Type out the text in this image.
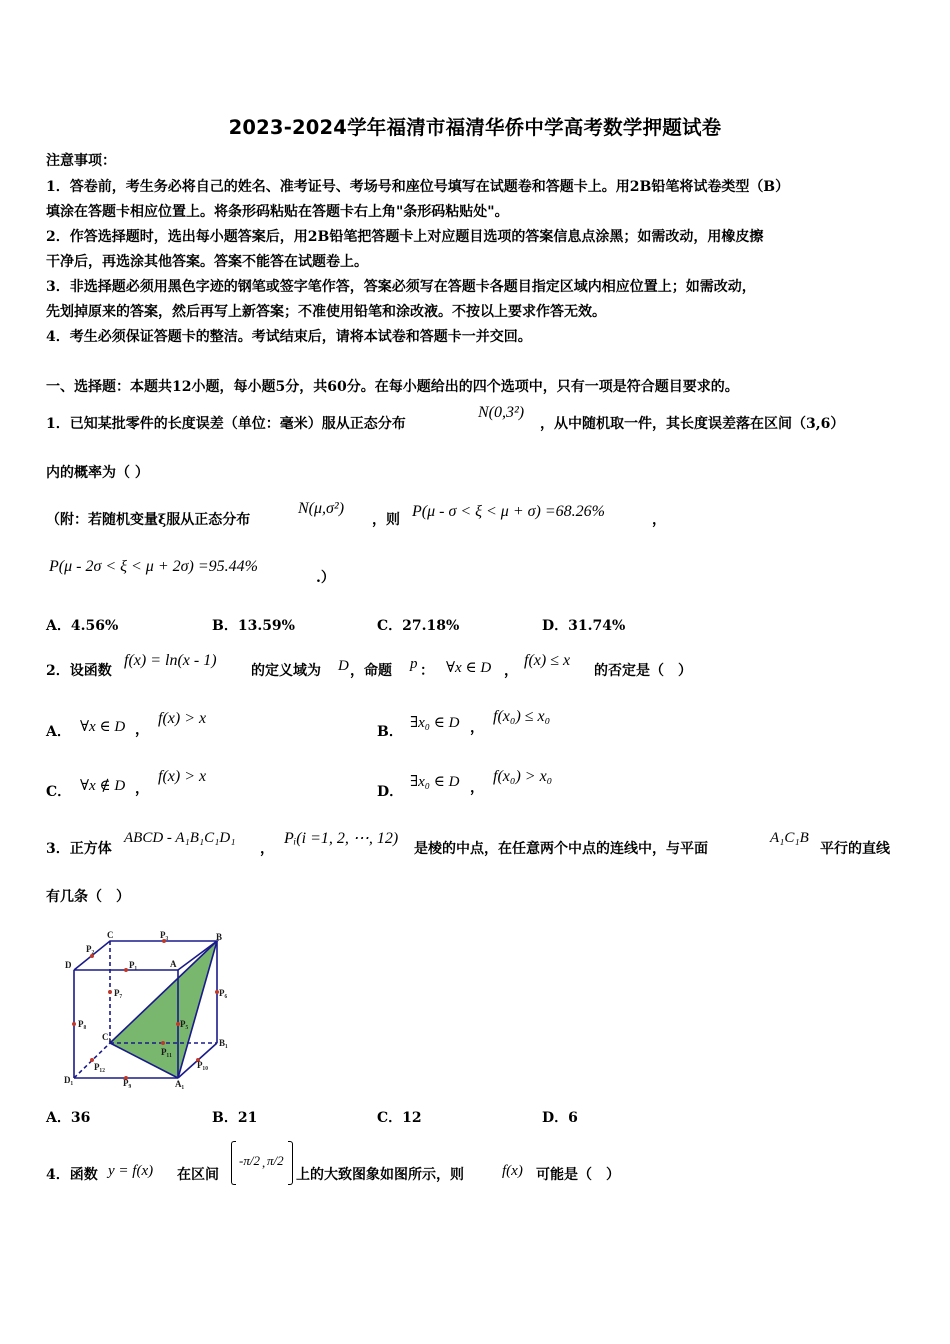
2023-2024学年福清市福清华侨中学高考数学押题试卷
注意事项：
1．答卷前，考生务必将自己的姓名、准考证号、考场号和座位号填写在试题卷和答题卡上。用2B铅笔将试卷类型（B）
填涂在答题卡相应位置上。将条形码粘贴在答题卡右上角"条形码粘贴处"。
2．作答选择题时，选出每小题答案后，用2B铅笔把答题卡上对应题目选项的答案信息点涂黑；如需改动，用橡皮擦
干净后，再选涂其他答案。答案不能答在试题卷上。
3．非选择题必须用黑色字迹的钢笔或签字笔作答，答案必须写在答题卡各题目指定区域内相应位置上；如需改动，
先划掉原来的答案，然后再写上新答案；不准使用铅笔和涂改液。不按以上要求作答无效。
4．考生必须保证答题卡的整洁。考试结束后，请将本试卷和答题卡一并交回。
一、选择题：本题共12小题，每小题5分，共60分。在每小题给出的四个选项中，只有一项是符合题目要求的。
1．已知某批零件的长度误差（单位：毫米）服从正态分布
N(0,3²)
，从中随机取一件，其长度误差落在区间（3,6）
内的概率为（ ）
（附：若随机变量ξ服从正态分布
N(μ,σ²)
，则 P(μ - σ < ξ < μ + σ) =68.26%	，
P(μ - 2σ < ξ < μ + 2σ) =95.44%
.）
A．4.56%	B．13.59%	C．27.18%	D．31.74%
2．设函数
f(x) = ln(x - 1)
的定义域为 D ，命题 p ： ∀x ∈ D ，
f(x) ≤ x
的否定是（　）
A． ∀x ∈ D ，
f(x) > x
B．
∃x₀ ∈ D ，
f(x₀) ≤ x₀
C． ∀x ∉ D ，
f(x) > x
D．
∃x₀ ∈ D ，
f(x₀) > x₀
3．正方体
ABCD - A₁B₁C₁D₁
，
Pᵢ(i =1, 2, ⋯, 12)
是棱的中点，在任意两个中点的连线中，与平面
A₁C₁B
平行的直线
有几条（　）
C	P₃	B
P₂
D	P₁	A
P₇	P₆
P₈	P₅
C₁
B₁
P₁₁
P₁₀
D₁
P₁₂
P₉	A₁
A．36	B．21	C．12	D．6
4．函数 y = f(x) 在区间
-π/2 , π/2
上的大致图象如图所示，则	f(x) 可能是（　）
